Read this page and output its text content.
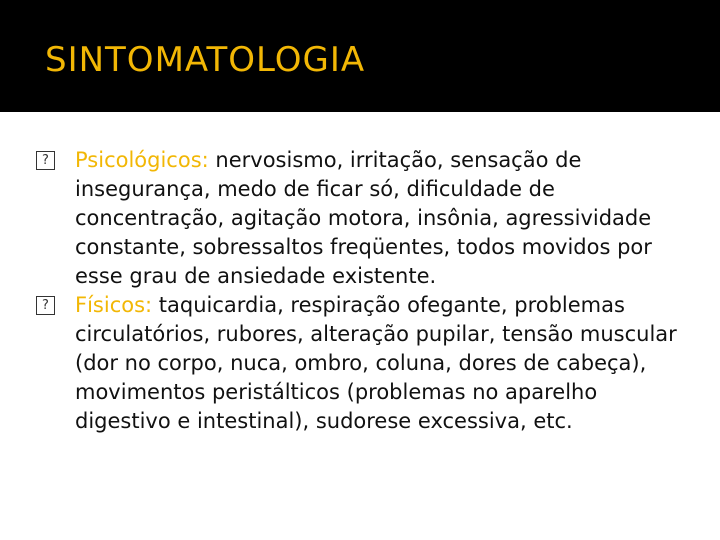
SINTOMATOLOGIA
? Psicológicos: nervosismo, irritação, sensação de insegurança, medo de ficar só, dificuldade de concentração, agitação motora, insônia, agressividade constante, sobressaltos freqüentes, todos movidos por esse grau de ansiedade existente.
? Físicos: taquicardia, respiração ofegante, problemas circulatórios, rubores, alteração pupilar, tensão muscular (dor no corpo, nuca, ombro, coluna, dores de cabeça), movimentos peristálticos (problemas no aparelho digestivo e intestinal), sudorese excessiva, etc.
